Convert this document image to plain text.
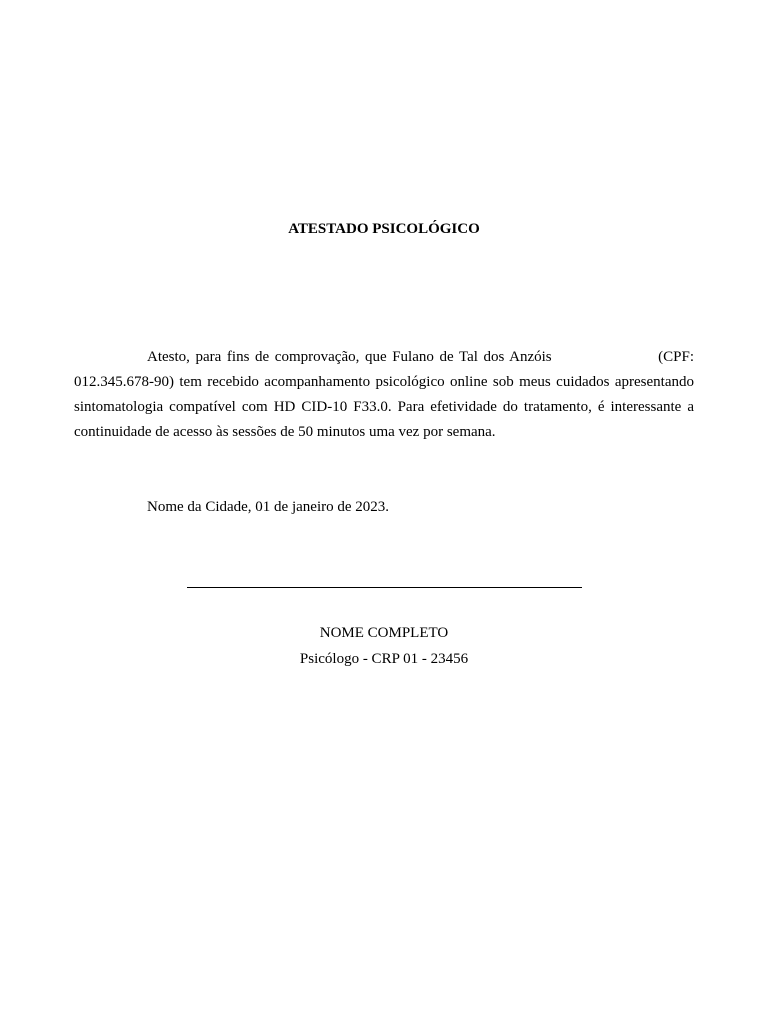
ATESTADO PSICOLÓGICO

Atesto, para fins de comprovação, que Fulano de Tal dos Anzóis                   (CPF: 012.345.678-90) tem recebido acompanhamento psicológico online sob meus cuidados apresentando sintomatologia compatível com HD CID-10 F33.0. Para efetividade do tratamento, é interessante a continuidade de acesso às sessões de 50 minutos uma vez por semana.

Nome da Cidade, 01 de janeiro de 2023.
NOME COMPLETO
Psicólogo - CRP 01 - 23456
